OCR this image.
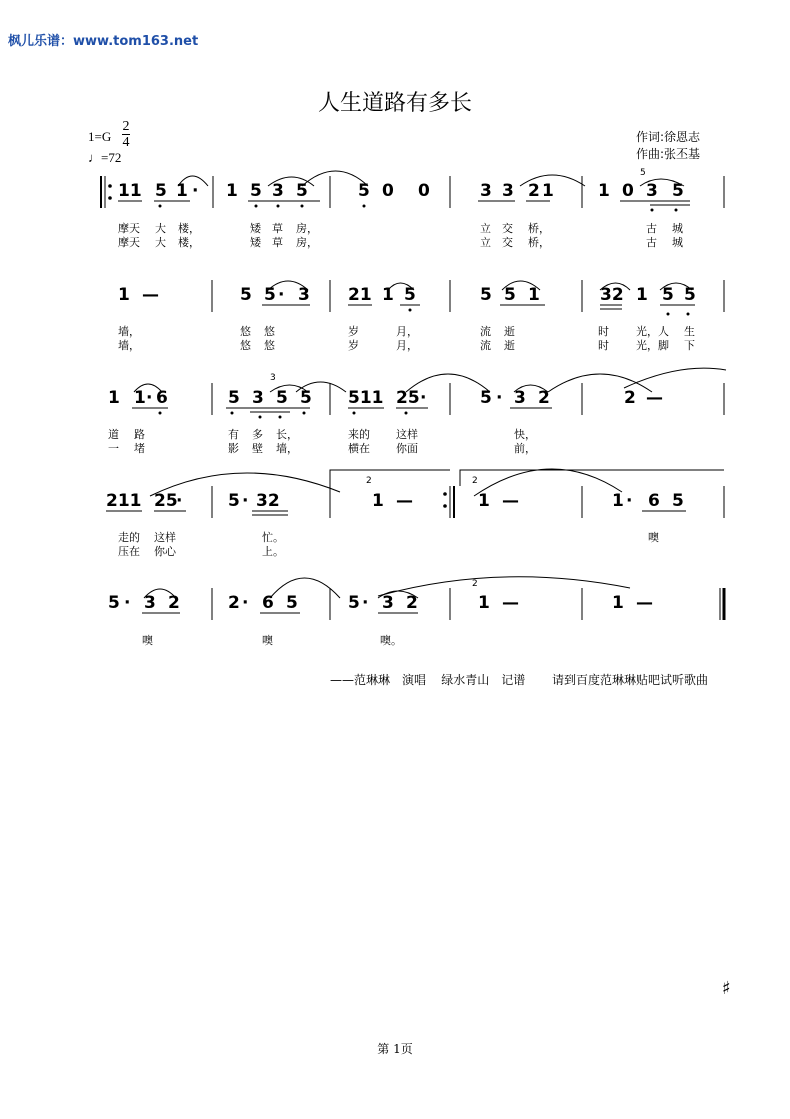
枫儿乐谱：www.tom163.net
人生道路有多长
1=G
2
4
♩=72
作词:徐恩志
作曲:张丕基
11 5 1 · 1 5 3 5	5 0 0	3 3 2 1	1 0 3 5
5
摩天 大 楼，	矮 草 房，	立 交 桥，	古 城
摩天 大 楼，	矮 草 房，	立 交 桥，	古 城
1 —	5 5 · 3 21 1 5	5 5 1	32 1 5 5
墙，	悠 悠	岁	月，	流 逝	时 光，人 生
墙，	悠 悠	岁	月，	流 逝	时 光，脚 下
1 1 · 6	5 3 5 5 511 25 ·	5 · 3 2	2 —
3
道 路	有 多 长，	来的 这样	快，
一 堵	影 壁 墙，	横在 你面	前，
211 25
·	5 · 32	1 —	1 —	1 · 6 5
2	2
走的 这样	忙。	噢
压在 你心	上。
5 · 3 2	2 · 6 5	5 · 3 2	1 —	1 —
2
噢	噢	噢。
——范琳琳　演唱 绿水青山　记谱 请到百度范琳琳贴吧试听歌曲
♯
第 1页
